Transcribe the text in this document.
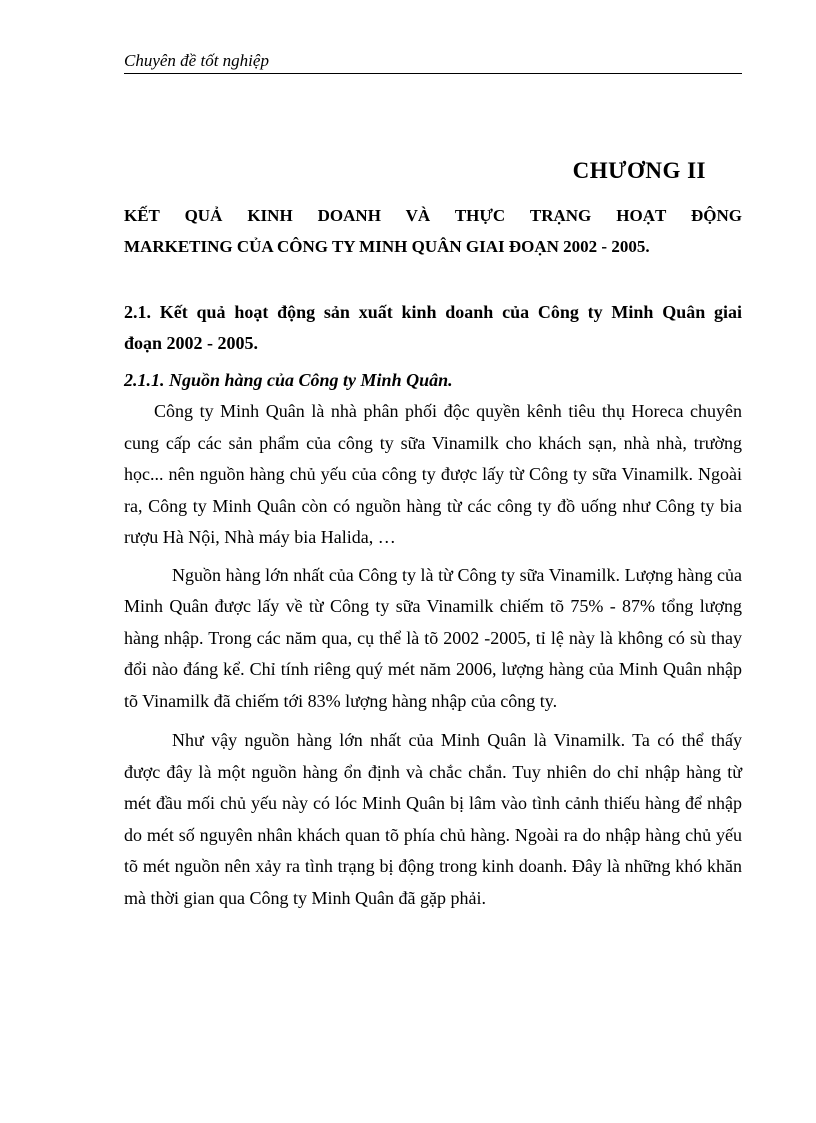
Chuyên đề tốt nghiệp
CHƯƠNG II
KẾT QUẢ KINH DOANH VÀ THỰC TRẠNG HOẠT ĐỘNG
MARKETING CỦA CÔNG TY MINH QUÂN GIAI ĐOẠN 2002 - 2005.
2.1. Kết quả hoạt động sản xuất kinh doanh của Công ty Minh Quân giai
đoạn 2002 - 2005.
2.1.1. Nguồn hàng của Công ty Minh Quân.

Công ty Minh Quân là nhà phân phối độc quyền kênh tiêu thụ Horeca chuyên cung cấp các sản phẩm của công ty sữa Vinamilk cho khách sạn, nhà nhà, trường học... nên nguồn hàng chủ yếu của công ty được lấy từ Công ty sữa Vinamilk. Ngoài ra, Công ty Minh Quân còn có nguồn hàng từ các công ty đồ uống như Công ty bia rượu Hà Nội, Nhà máy bia Halida, …

Nguồn hàng lớn nhất của Công ty là từ Công ty sữa Vinamilk. Lượng hàng của Minh Quân được lấy về từ Công ty sữa Vinamilk chiếm tõ 75% - 87% tổng lượng hàng nhập. Trong các năm qua, cụ thể là tõ 2002 -2005, tỉ lệ này là không có sù thay đổi nào đáng kể. Chỉ tính riêng quý mét năm 2006, lượng hàng của Minh Quân nhập tõ Vinamilk đã chiếm tới 83% lượng hàng nhập của công ty.

Như vậy nguồn hàng lớn nhất của Minh Quân là Vinamilk. Ta có thể thấy được đây là một nguồn hàng ổn định và chắc chắn. Tuy nhiên do chỉ nhập hàng từ mét đầu mối chủ yếu này có lóc Minh Quân bị lâm vào tình cảnh thiếu hàng để nhập do mét số nguyên nhân khách quan tõ phía chủ hàng. Ngoài ra do nhập hàng chủ yếu tõ mét nguồn nên xảy ra tình trạng bị động trong kinh doanh. Đây là những khó khăn mà thời gian qua Công ty Minh Quân đã gặp phải.
